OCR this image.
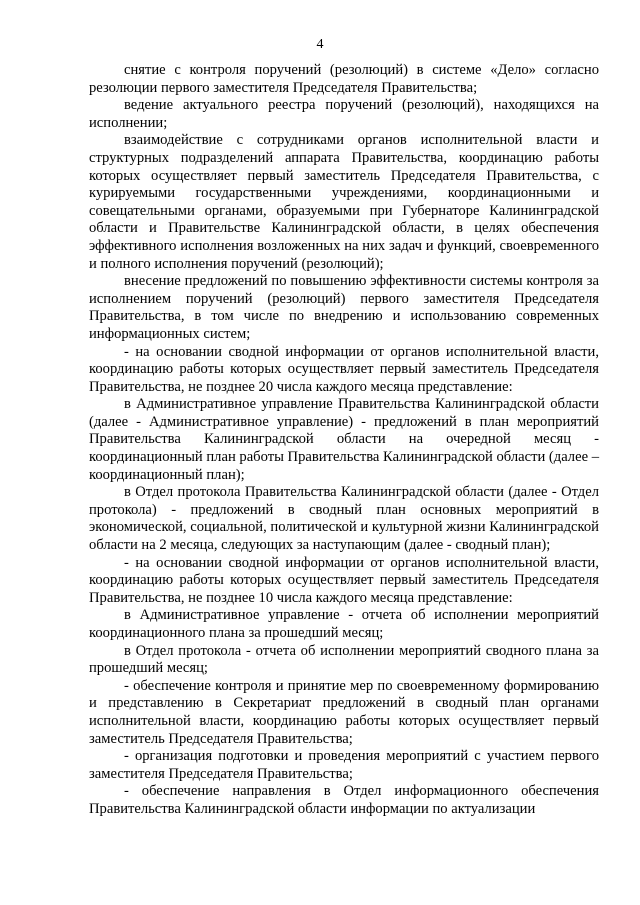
4

снятие с контроля поручений (резолюций) в системе «Дело» согласно резолюции первого заместителя Председателя Правительства;

ведение актуального реестра поручений (резолюций), находящихся на исполнении;

взаимодействие с сотрудниками органов исполнительной власти и структурных подразделений аппарата Правительства, координацию работы которых осуществляет первый заместитель Председателя Правительства, с курируемыми государственными учреждениями, координационными и совещательными органами, образуемыми при Губернаторе Калининградской области и Правительстве Калининградской области, в целях обеспечения эффективного исполнения возложенных на них задач и функций, своевременного и полного исполнения поручений (резолюций);

внесение предложений по повышению эффективности системы контроля за исполнением поручений (резолюций) первого заместителя Председателя Правительства, в том числе по внедрению и использованию современных информационных систем;

- на основании сводной информации от органов исполнительной власти, координацию работы которых осуществляет первый заместитель Председателя Правительства, не позднее 20 числа каждого месяца представление:

в Административное управление Правительства Калининградской области (далее - Административное управление) - предложений в план мероприятий Правительства Калининградской области на очередной месяц - координационный план работы Правительства Калининградской области (далее – координационный план);

в Отдел протокола Правительства Калининградской области (далее - Отдел протокола) - предложений в сводный план основных мероприятий в экономической, социальной, политической и культурной жизни Калининградской области на 2 месяца, следующих за наступающим (далее - сводный план);

- на основании сводной информации от органов исполнительной власти, координацию работы которых осуществляет первый заместитель Председателя Правительства, не позднее 10 числа каждого месяца представление:

в Административное управление - отчета об исполнении мероприятий координационного плана за прошедший месяц;

в Отдел протокола - отчета об исполнении мероприятий сводного плана за прошедший месяц;

- обеспечение контроля и принятие мер по своевременному формированию и представлению в Секретариат предложений в сводный план органами исполнительной власти, координацию работы которых осуществляет первый заместитель Председателя Правительства;

- организация подготовки и проведения мероприятий с участием первого заместителя Председателя Правительства;

- обеспечение направления в Отдел информационного обеспечения Правительства Калининградской области информации по актуализации
